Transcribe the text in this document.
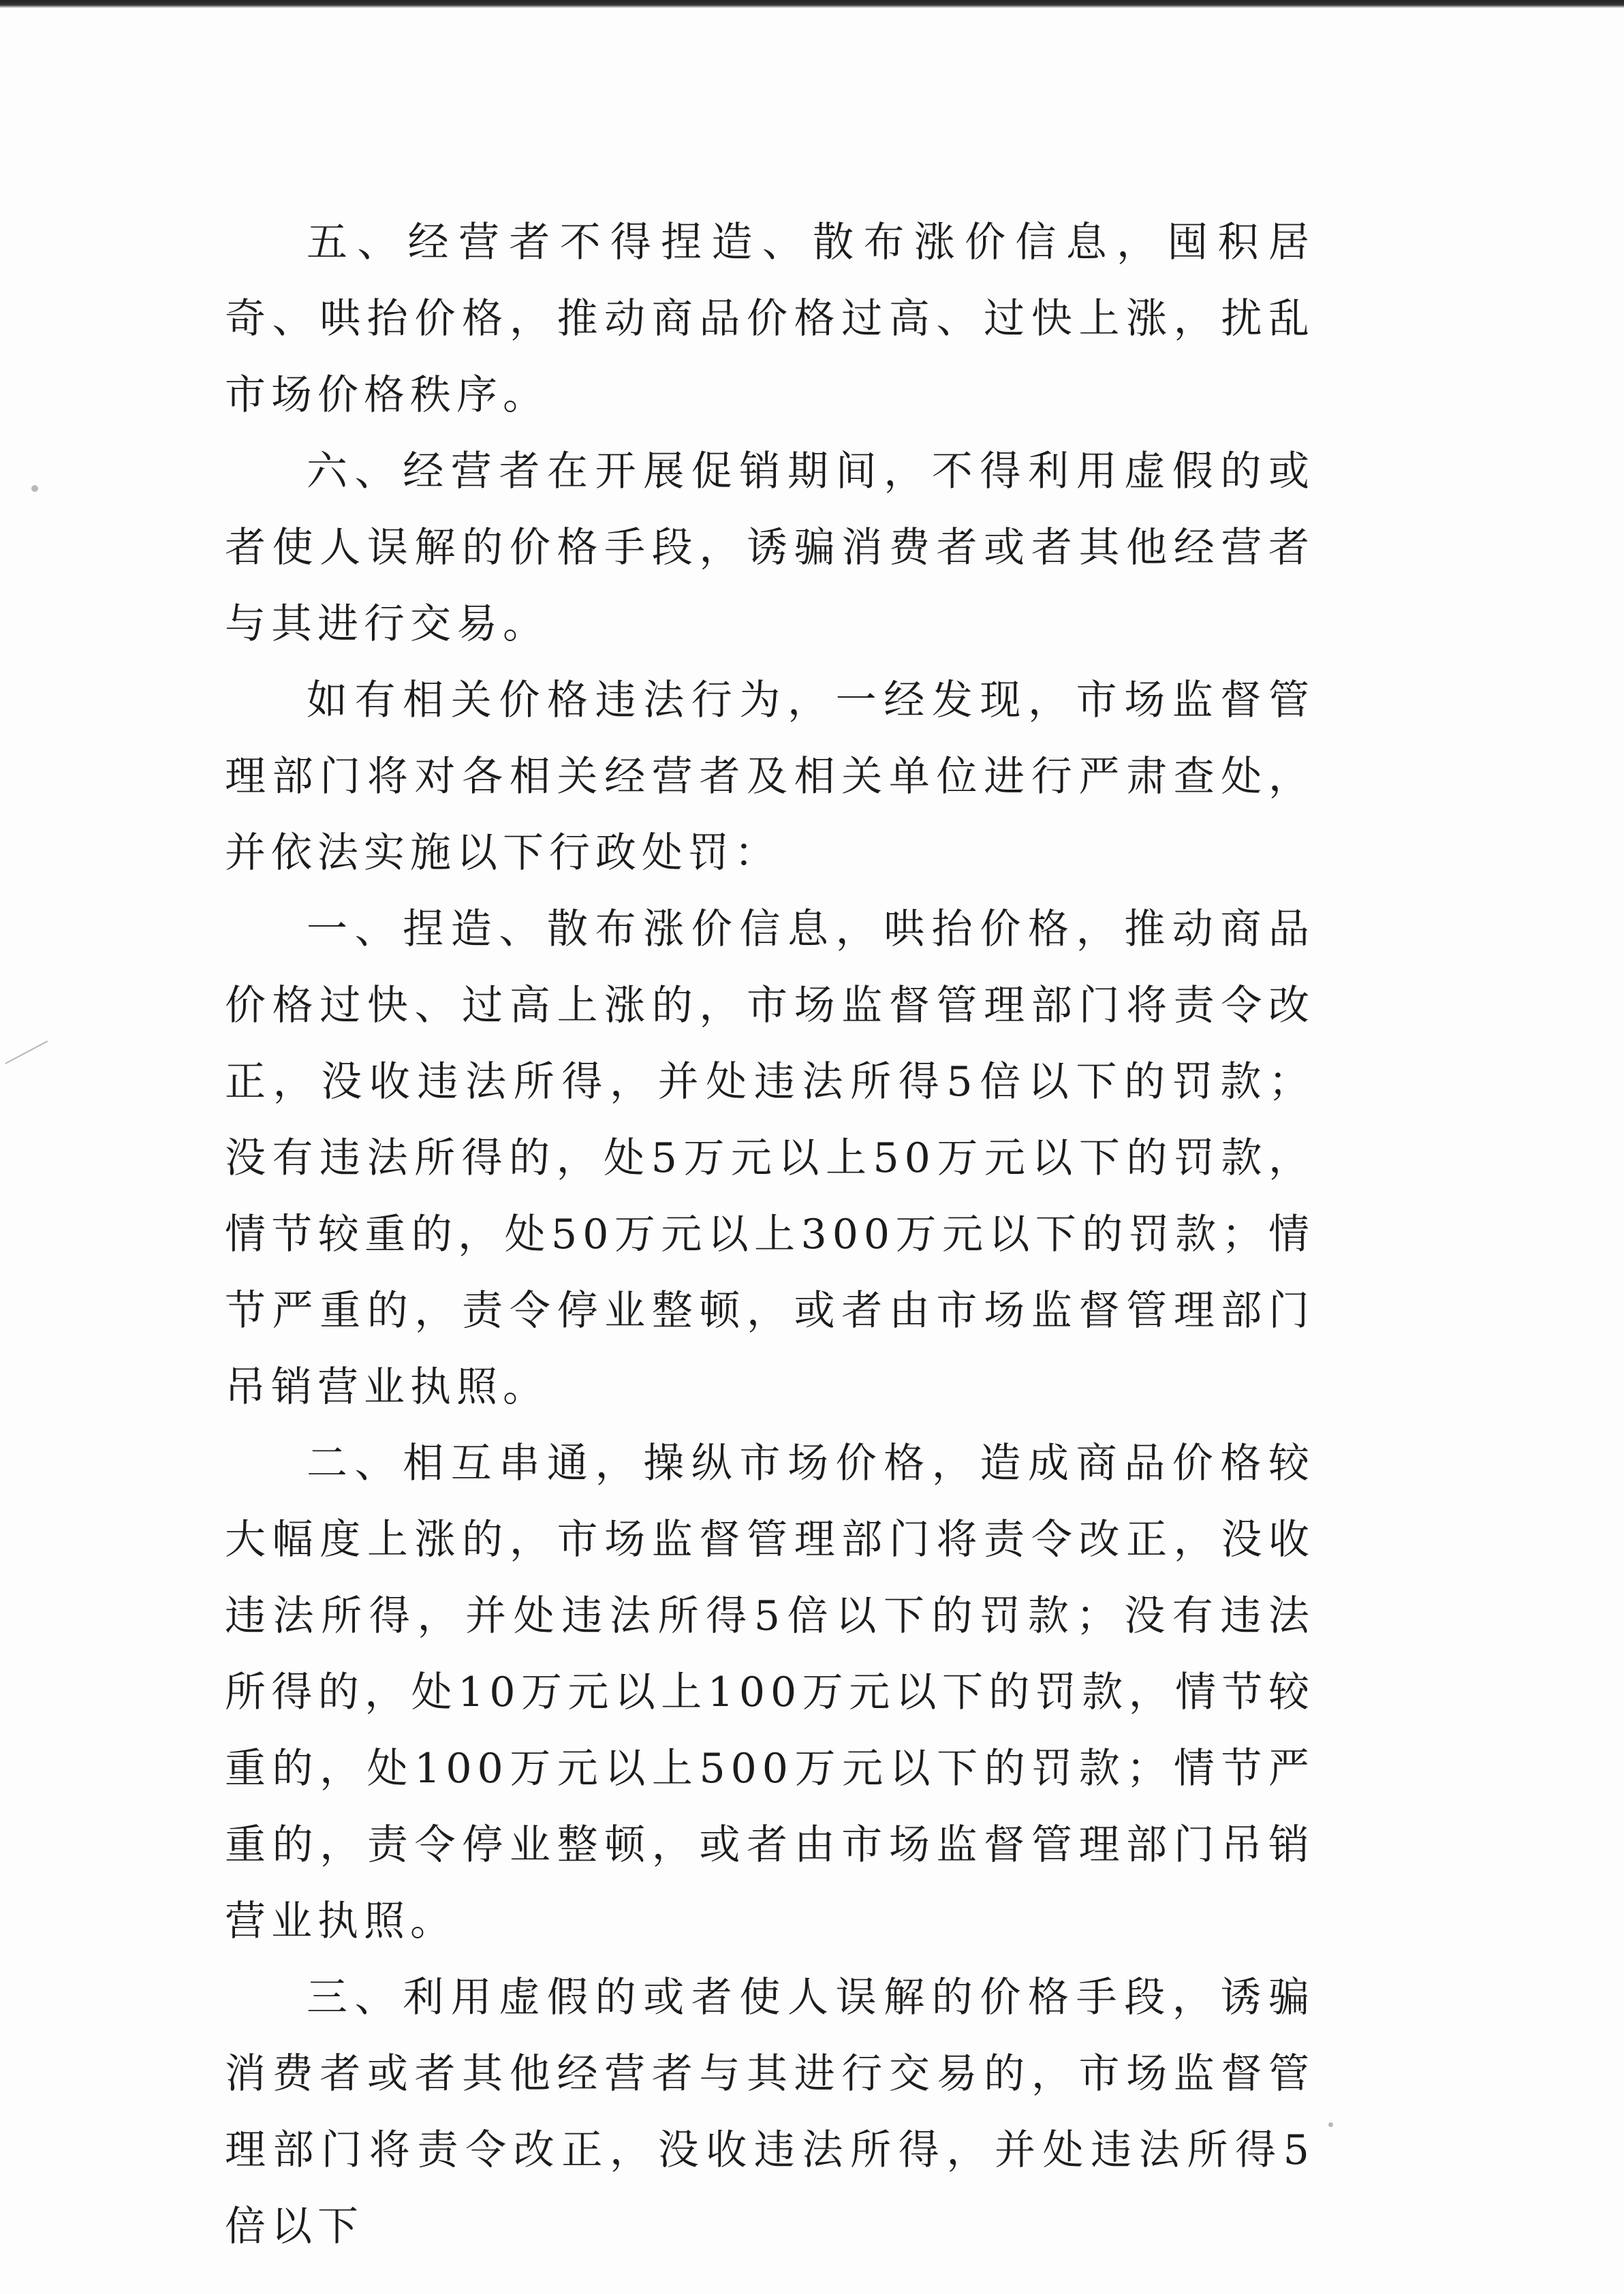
五、经营者不得捏造、散布涨价信息，囤积居奇、哄抬价格，推动商品价格过高、过快上涨，扰乱市场价格秩序。

六、经营者在开展促销期间，不得利用虚假的或者使人误解的价格手段，诱骗消费者或者其他经营者与其进行交易。

如有相关价格违法行为，一经发现，市场监督管理部门将对各相关经营者及相关单位进行严肃查处，并依法实施以下行政处罚：

一、捏造、散布涨价信息，哄抬价格，推动商品价格过快、过高上涨的，市场监督管理部门将责令改正，没收违法所得，并处违法所得5倍以下的罚款；没有违法所得的，处5万元以上50万元以下的罚款，情节较重的，处50万元以上300万元以下的罚款；情节严重的，责令停业整顿，或者由市场监督管理部门吊销营业执照。

二、相互串通，操纵市场价格，造成商品价格较大幅度上涨的，市场监督管理部门将责令改正，没收违法所得，并处违法所得5倍以下的罚款；没有违法所得的，处10万元以上100万元以下的罚款，情节较重的，处100万元以上500万元以下的罚款；情节严重的，责令停业整顿，或者由市场监督管理部门吊销营业执照。

三、利用虚假的或者使人误解的价格手段，诱骗消费者或者其他经营者与其进行交易的，市场监督管理部门将责令改正，没收违法所得，并处违法所得5倍以下
